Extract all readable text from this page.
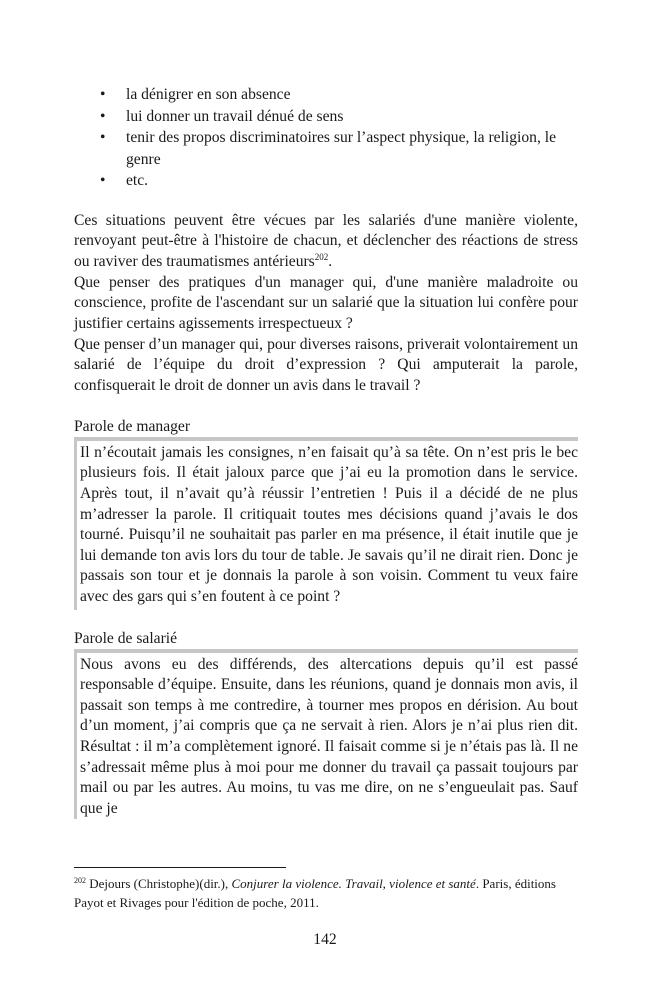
• la dénigrer en son absence
• lui donner un travail dénué de sens
• tenir des propos discriminatoires sur l’aspect physique, la religion, le genre
• etc.

Ces situations peuvent être vécues par les salariés d'une manière violente, renvoyant peut-être à l'histoire de chacun, et déclencher des réactions de stress ou raviver des traumatismes antérieurs$^{202}$.

Que penser des pratiques d'un manager qui, d'une manière maladroite ou conscience, profite de l'ascendant sur un salarié que la situation lui confère pour justifier certains agissements irrespectueux ?

Que penser d’un manager qui, pour diverses raisons, priverait volontairement un salarié de l’équipe du droit d’expression ? Qui amputerait la parole, confisquerait le droit de donner un avis dans le travail ?

Parole de manager

Il n’écoutait jamais les consignes, n’en faisait qu’à sa tête. On n’est pris le bec plusieurs fois. Il était jaloux parce que j’ai eu la promotion dans le service. Après tout, il n’avait qu’à réussir l’entretien ! Puis il a décidé de ne plus m’adresser la parole. Il critiquait toutes mes décisions quand j’avais le dos tourné. Puisqu’il ne souhaitait pas parler en ma présence, il était inutile que je lui demande ton avis lors du tour de table. Je savais qu’il ne dirait rien. Donc je passais son tour et je donnais la parole à son voisin. Comment tu veux faire avec des gars qui s’en foutent à ce point ?

Parole de salarié

Nous avons eu des différends, des altercations depuis qu’il est passé responsable d’équipe. Ensuite, dans les réunions, quand je donnais mon avis, il passait son temps à me contredire, à tourner mes propos en dérision. Au bout d’un moment, j’ai compris que ça ne servait à rien. Alors je n’ai plus rien dit. Résultat : il m’a complètement ignoré. Il faisait comme si je n’étais pas là. Il ne s’adressait même plus à moi pour me donner du travail ça passait toujours par mail ou par les autres. Au moins, tu vas me dire, on ne s’engueulait pas. Sauf que je

$^{202}$ Dejours (Christophe)(dir.), Conjurer la violence. Travail, violence et santé. Paris, éditions Payot et Rivages pour l'édition de poche, 2011.

142
